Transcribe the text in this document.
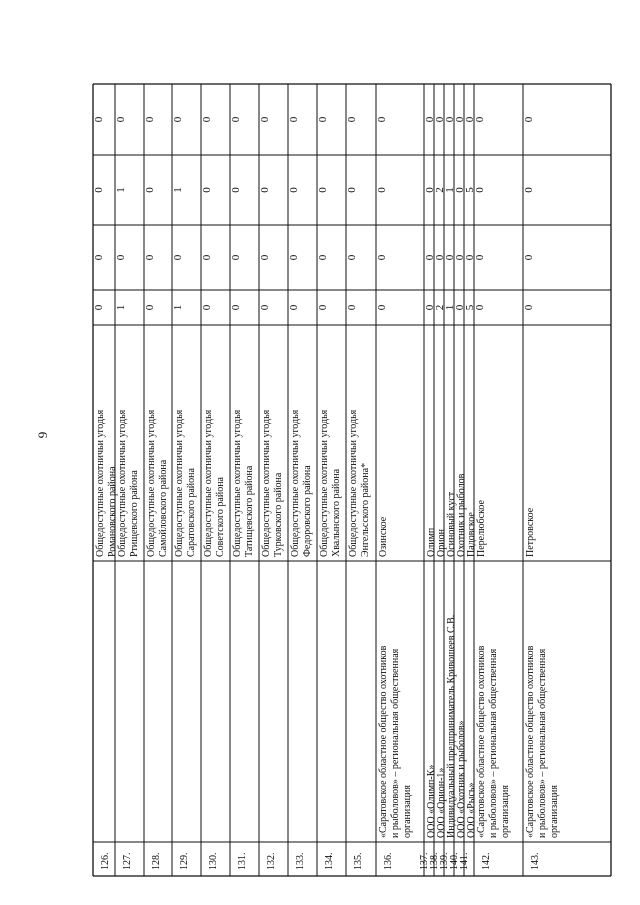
9
126.
Общедоступные охотничьи угодья Романовского района
0
0
0
0
127.
Общедоступные охотничьи угодья Ртищевского района
1
0
1
0
128.
Общедоступные охотничьи угодья Самойловского района
0
0
0
0
129.
Общедоступные охотничьи угодья Саратовского района
1
0
1
0
130.
Общедоступные охотничьи угодья Советского района
0
0
0
0
131.
Общедоступные охотничьи угодья Татищевского района
0
0
0
0
132.
Общедоступные охотничьи угодья Турковского района
0
0
0
0
133.
Общедоступные охотничьи угодья Федоровского района
0
0
0
0
134.
Общедоступные охотничьи угодья Хвалынского района
0
0
0
0
135.
Общедоступные охотничьи угодья Энгельсского района*
0
0
0
0
136.
«Саратовское областное общество охотников и рыболовов» – региональная общественная организация
Озинское
0
0
0
0
137.
ООО «Олимп-К»
Олимп
0
0
0
0
138.
ООО «Орион-1»
Орион
2
0
2
0
139.
Индивидуальный предприниматель Кривошеев С.В.
Осиновый куст
1
0
1
0
140.
ООО «Охотник и рыболов»
Охотник и рыболов
0
0
0
0
141.
ООО «Рысь»
Падовское
5
0
5
0
142.
«Саратовское областное общество охотников и рыболовов» – региональная общественная организация
Перелюбское
0
0
0
0
143.
«Саратовское областное общество охотников и рыболовов» – региональная общественная организация
Петровское
0
0
0
0
